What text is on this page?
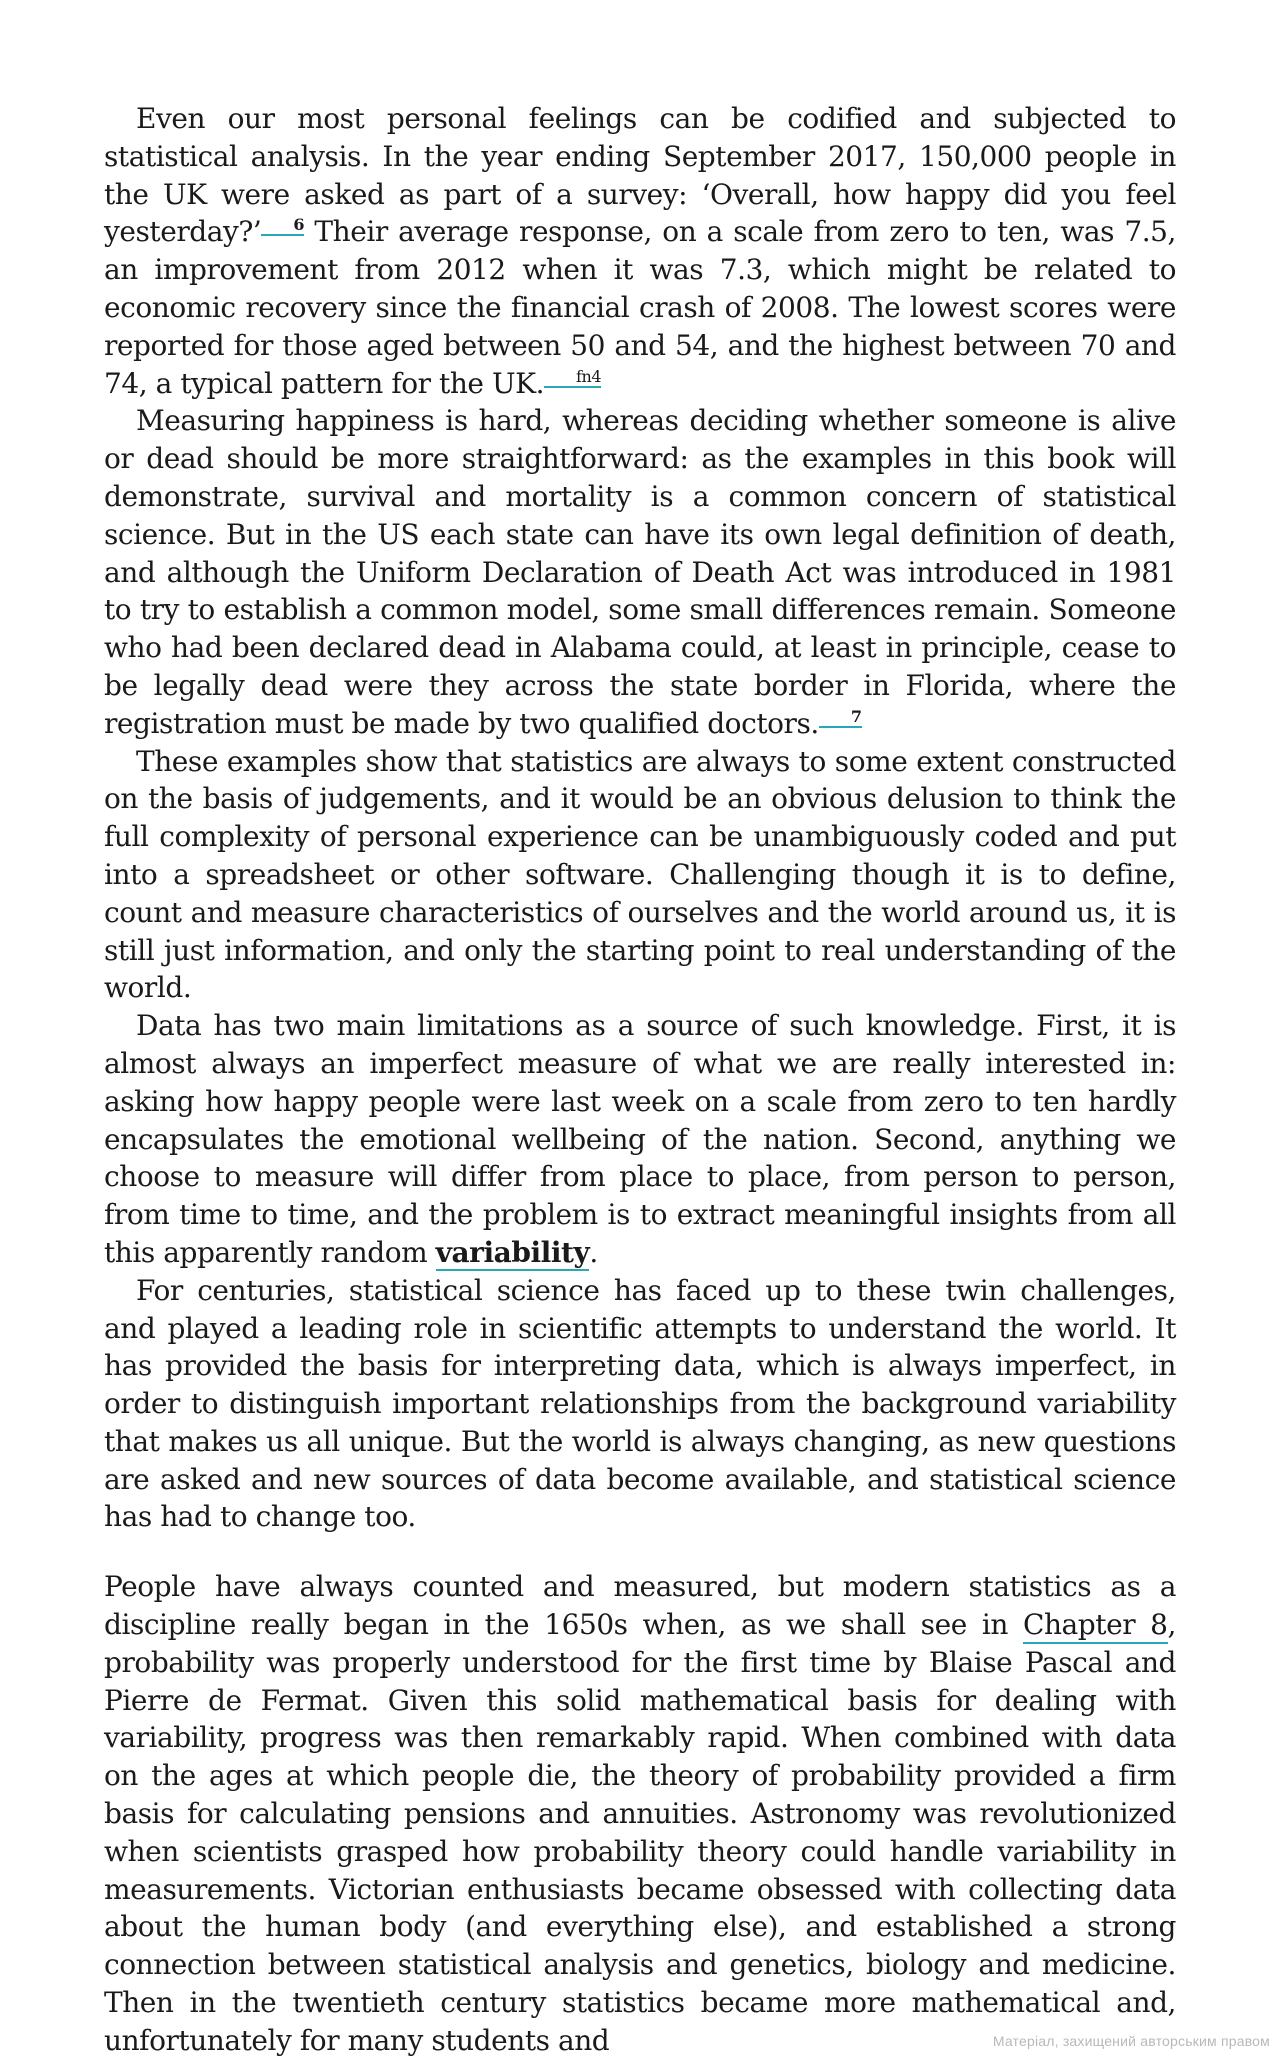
Even our most personal feelings can be codified and subjected to statistical analysis. In the year ending September 2017, 150,000 people in the UK were asked as part of a survey: ‘Overall, how happy did you feel yesterday?’ $^6$ Their average response, on a scale from zero to ten, was 7.5, an improvement from 2012 when it was 7.3, which might be related to economic recovery since the financial crash of 2008. The lowest scores were reported for those aged between 50 and 54, and the highest between 70 and 74, a typical pattern for the UK. $^{fn4}$

Measuring happiness is hard, whereas deciding whether someone is alive or dead should be more straightforward: as the examples in this book will demonstrate, survival and mortality is a common concern of statistical science. But in the US each state can have its own legal definition of death, and although the Uniform Declaration of Death Act was introduced in 1981 to try to establish a common model, some small differences remain. Someone who had been declared dead in Alabama could, at least in principle, cease to be legally dead were they across the state border in Florida, where the registration must be made by two qualified doctors. $^7$

These examples show that statistics are always to some extent constructed on the basis of judgements, and it would be an obvious delusion to think the full complexity of personal experience can be unambiguously coded and put into a spreadsheet or other software. Challenging though it is to define, count and measure characteristics of ourselves and the world around us, it is still just information, and only the starting point to real understanding of the world.

Data has two main limitations as a source of such knowledge. First, it is almost always an imperfect measure of what we are really interested in: asking how happy people were last week on a scale from zero to ten hardly encapsulates the emotional wellbeing of the nation. Second, anything we choose to measure will differ from place to place, from person to person, from time to time, and the problem is to extract meaningful insights from all this apparently random variability.

For centuries, statistical science has faced up to these twin challenges, and played a leading role in scientific attempts to understand the world. It has provided the basis for interpreting data, which is always imperfect, in order to distinguish important relationships from the background variability that makes us all unique. But the world is always changing, as new questions are asked and new sources of data become available, and statistical science has had to change too.

People have always counted and measured, but modern statistics as a discipline really began in the 1650s when, as we shall see in Chapter 8, probability was properly understood for the first time by Blaise Pascal and Pierre de Fermat. Given this solid mathematical basis for dealing with variability, progress was then remarkably rapid. When combined with data on the ages at which people die, the theory of probability provided a firm basis for calculating pensions and annuities. Astronomy was revolutionized when scientists grasped how probability theory could handle variability in measurements. Victorian enthusiasts became obsessed with collecting data about the human body (and everything else), and established a strong connection between statistical analysis and genetics, biology and medicine. Then in the twentieth century statistics became more mathematical and, unfortunately for many students and	Матеріал, захищений авторським правом
